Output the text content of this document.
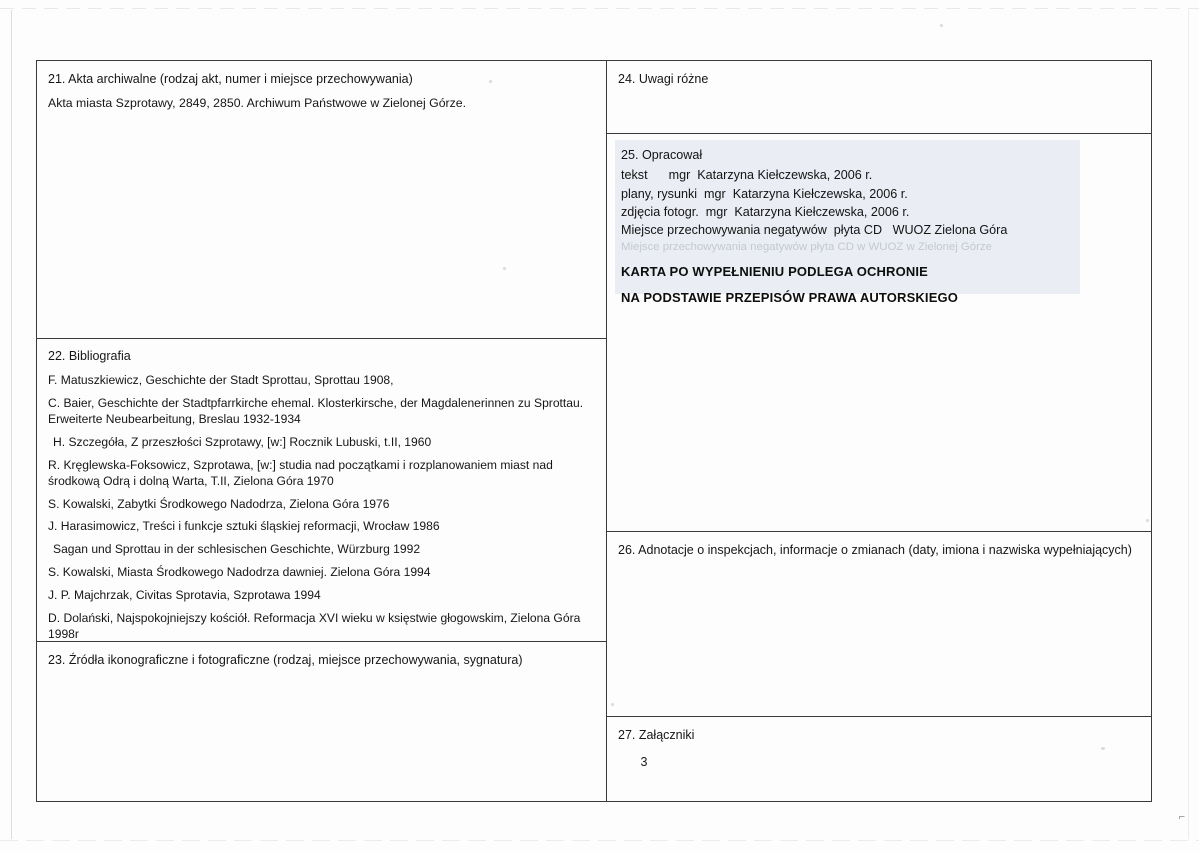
⌐
21. Akta archiwalne (rodzaj akt, numer i miejsce przechowywania)
Akta miasta Szprotawy, 2849, 2850. Archiwum Państwowe w Zielonej Górze.
22. Bibliografia
F. Matuszkiewicz, Geschichte der Stadt Sprottau, Sprottau 1908,
C. Baier, Geschichte der Stadtpfarrkirche ehemal. Klosterkirsche, der Magdalenerinnen zu Sprottau. Erweiterte Neubearbeitung, Breslau 1932-1934
H. Szczegóła, Z przeszłości Szprotawy, [w:] Rocznik Lubuski, t.II, 1960
R. Kręglewska-Foksowicz, Szprotawa, [w:] studia nad początkami i rozplanowaniem miast nad środkową Odrą i dolną Warta, T.II, Zielona Góra 1970
S. Kowalski, Zabytki Środkowego Nadodrza, Zielona Góra 1976
J. Harasimowicz, Treści i funkcje sztuki śląskiej reformacji, Wrocław 1986
Sagan und Sprottau in der schlesischen Geschichte, Würzburg 1992
S. Kowalski, Miasta Środkowego Nadodrza dawniej. Zielona Góra 1994
J. P. Majchrzak, Civitas Sprotavia, Szprotawa 1994
D. Dolański, Najspokojniejszy kościół. Reformacja XVI wieku w księstwie głogowskim, Zielona Góra 1998r
23. Źródła ikonograficzne i fotograficzne (rodzaj, miejsce przechowywania, sygnatura)
24. Uwagi różne
25. Opracował
tekst      mgr  Katarzyna Kiełczewska, 2006 r.
plany, rysunki  mgr  Katarzyna Kiełczewska, 2006 r.
zdjęcia fotogr.  mgr  Katarzyna Kiełczewska, 2006 r.
Miejsce przechowywania negatywów  płyta CD   WUOZ Zielona Góra
Miejsce przechowywania negatywów płyta CD w WUOZ w Zielonej Górze
KARTA PO WYPEŁNIENIU PODLEGA OCHRONIE
NA PODSTAWIE PRZEPISÓW PRAWA AUTORSKIEGO
26. Adnotacje o inspekcjach, informacje o zmianach (daty, imiona i nazwiska wypełniających)
27. Załączniki
3
